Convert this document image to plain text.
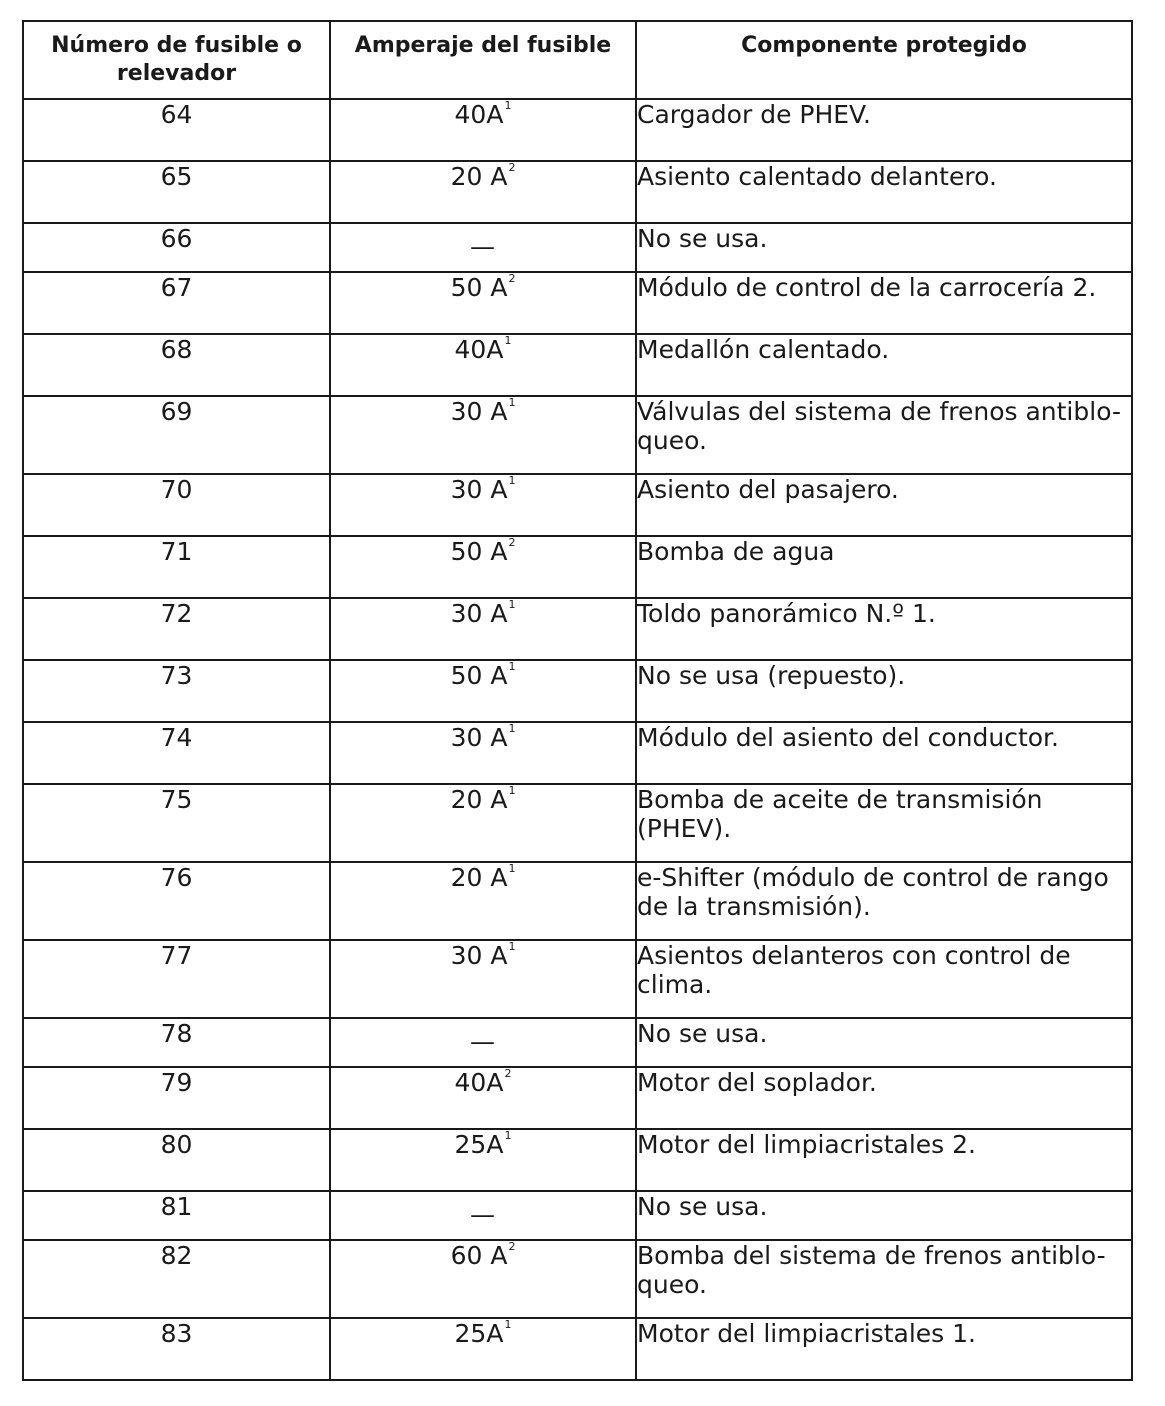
Número de fusible o relevador	Amperaje del fusible	Componente protegido
64	$40A^1$	Cargador de PHEV.
65	20 $A^2$	Asiento calentado delantero.
66	—	No se usa.
67	50 $A^2$	Módulo de control de la carrocería 2.
68	$40A^1$	Medallón calentado.
69	30 $A^1$	Válvulas del sistema de frenos antiblo-queo.
70	30 $A^1$	Asiento del pasajero.
71	50 $A^2$	Bomba de agua
72	30 $A^1$	Toldo panorámico N.º 1.
73	50 $A^1$	No se usa (repuesto).
74	30 $A^1$	Módulo del asiento del conductor.
75	20 $A^1$	Bomba de aceite de transmisión (PHEV).
76	20 $A^1$	e-Shifter (módulo de control de rango de la transmisión).
77	30 $A^1$	Asientos delanteros con control de clima.
78	—	No se usa.
79	$40A^2$	Motor del soplador.
80	$25A^1$	Motor del limpiacristales 2.
81	—	No se usa.
82	60 $A^2$	Bomba del sistema de frenos antiblo-queo.
83	$25A^1$	Motor del limpiacristales 1.
